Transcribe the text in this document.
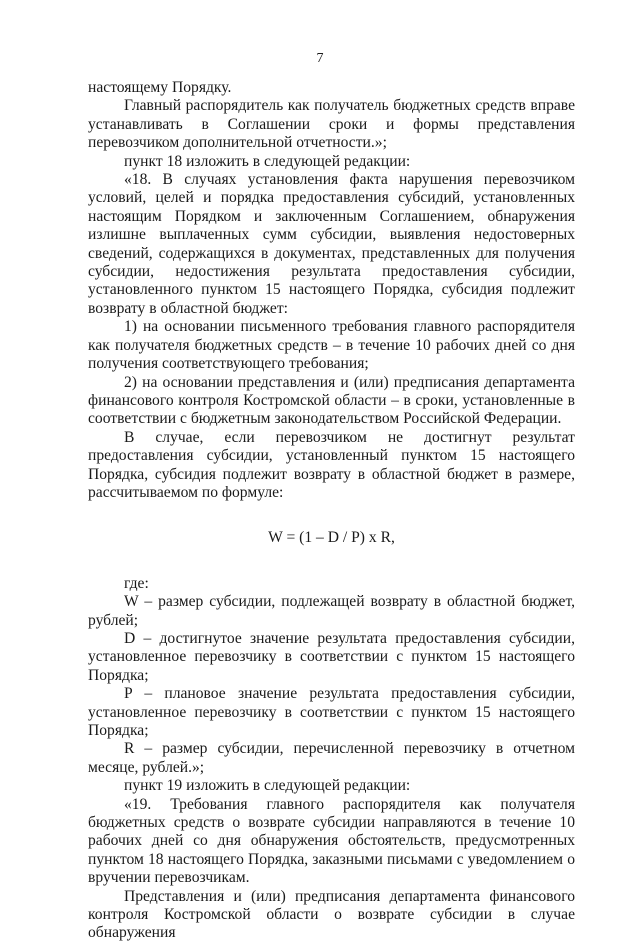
7

настоящему Порядку.

Главный распорядитель как получатель бюджетных средств вправе устанавливать в Соглашении сроки и формы представления перевозчиком дополнительной отчетности.»;

пункт 18 изложить в следующей редакции:

«18. В случаях установления факта нарушения перевозчиком условий, целей и порядка предоставления субсидий, установленных настоящим Порядком и заключенным Соглашением, обнаружения излишне выплаченных сумм субсидии, выявления недостоверных сведений, содержащихся в документах, представленных для получения субсидии, недостижения результата предоставления субсидии, установленного пунктом 15 настоящего Порядка, субсидия подлежит возврату в областной бюджет:

1) на основании письменного требования главного распорядителя как получателя бюджетных средств – в течение 10 рабочих дней со дня получения соответствующего требования;

2) на основании представления и (или) предписания департамента финансового контроля Костромской области – в сроки, установленные в соответствии с бюджетным законодательством Российской Федерации.

В случае, если перевозчиком не достигнут результат предоставления субсидии, установленный пунктом 15 настоящего Порядка, субсидия подлежит возврату в областной бюджет в размере, рассчитываемом по формуле:

W = (1 – D / P) x R,

где:

W – размер субсидии, подлежащей возврату в областной бюджет, рублей;

D – достигнутое значение результата предоставления субсидии, установленное перевозчику в соответствии с пунктом 15 настоящего Порядка;

P – плановое значение результата предоставления субсидии, установленное перевозчику в соответствии с пунктом 15 настоящего Порядка;

R – размер субсидии, перечисленной перевозчику в отчетном месяце, рублей.»;

пункт 19 изложить в следующей редакции:

«19. Требования главного распорядителя как получателя бюджетных средств о возврате субсидии направляются в течение 10 рабочих дней со дня обнаружения обстоятельств, предусмотренных пунктом 18 настоящего Порядка, заказными письмами с уведомлением о вручении перевозчикам.

Представления и (или) предписания департамента финансового контроля Костромской области о возврате субсидии в случае обнаружения
